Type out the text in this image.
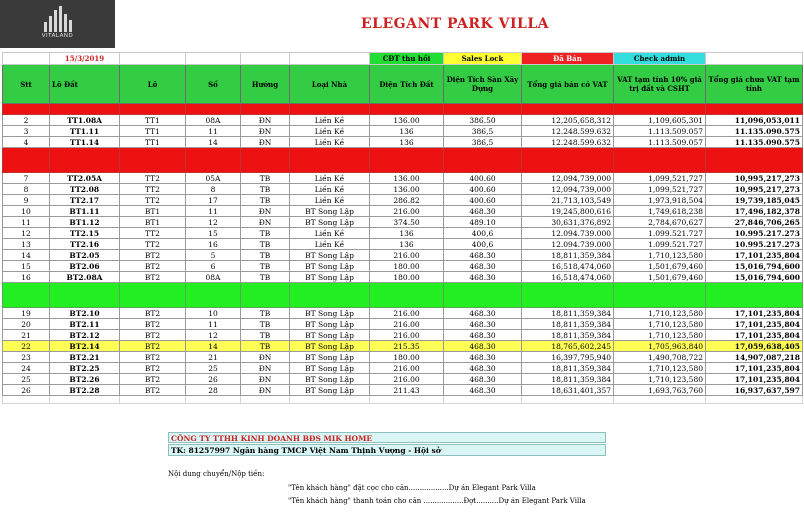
VITALAND
ELEGANT PARK VILLA
	15/3/2019					CĐT thu hồi	Sales Lock	Đã Bán	Check admin	
Stt	Lô Đất	Lô	Số	Hướng	Loại Nhà	Diện Tích Đất	Diện Tích Sàn Xây Dựng	Tổng giá bán có VAT	VAT tạm tính 10% giá trị đất và CSHT	Tổng giá chưa VAT tạm tính

2	TT1.08A	TT1	08A	ĐN	Liền Kề	136.00	386.50	12,205,658,312	1,109,605,301	11,096,053,011
3	TT1.11	TT1	11	ĐN	Liền Kề	136	386,5	12.248.599.632	1.113.509.057	11.135.090.575
4	TT1.14	TT1	14	ĐN	Liền Kề	136	386,5	12.248.599.632	1.113.509.057	11.135.090.575

7	TT2.05A	TT2	05A	TB	Liền Kề	136.00	400.60	12,094,739,000	1,099,521,727	10,995,217,273
8	TT2.08	TT2	8	TB	Liền Kề	136.00	400.60	12,094,739,000	1,099,521,727	10,995,217,273
9	TT2.17	TT2	17	TB	Liền Kề	286.82	400.60	21,713,103,549	1,973,918,504	19,739,185,045
10	BT1.11	BT1	11	ĐN	BT Song Lập	216.00	468.30	19,245,800,616	1,749,618,238	17,496,182,378
11	BT1.12	BT1	12	ĐN	BT Song Lập	374.50	489.10	30,631,376,892	2,784,670,627	27,846,706,265
12	TT2.15	TT2	15	TB	Liền Kề	136	400,6	12.094.739.000	1.099.521.727	10.995.217.273
13	TT2.16	TT2	16	TB	Liền Kề	136	400,6	12.094.739.000	1.099.521.727	10.995.217.273
14	BT2.05	BT2	5	TB	BT Song Lập	216.00	468.30	18,811,359,384	1,710,123,580	17,101,235,804
15	BT2.06	BT2	6	TB	BT Song Lập	180.00	468.30	16,518,474,060	1,501,679,460	15,016,794,600
16	BT2.08A	BT2	08A	TB	BT Song Lập	180.00	468.30	16,518,474,060	1,501,679,460	15,016,794,600

19	BT2.10	BT2	10	TB	BT Song Lập	216.00	468.30	18,811,359,384	1,710,123,580	17,101,235,804
20	BT2.11	BT2	11	TB	BT Song Lập	216.00	468.30	18,811,359,384	1,710,123,580	17,101,235,804
21	BT2.12	BT2	12	TB	BT Song Lập	216.00	468.30	18,811,359,384	1,710,123,580	17,101,235,804
22	BT2.14	BT2	14	TB	BT Song Lập	215.35	468.30	18,765,602,245	1,705,963,840	17,059,638,405
23	BT2.21	BT2	21	ĐN	BT Song Lập	180.00	468.30	16,397,795,940	1,490,708,722	14,907,087,218
24	BT2.25	BT2	25	ĐN	BT Song Lập	216.00	468.30	18,811,359,384	1,710,123,580	17,101,235,804
25	BT2.26	BT2	26	ĐN	BT Song Lập	216.00	468.30	18,811,359,384	1,710,123,580	17,101,235,804
26	BT2.28	BT2	28	ĐN	BT Song Lập	211.43	468.30	18,631,401,357	1,693,763,760	16,937,637,597

CÔNG TY TTHH KINH DOANH BĐS MIK HOME
TK: 81257997 Ngân hàng TMCP Việt Nam Thịnh Vượng - Hội sở
Nội dung chuyển/Nộp tiền:
"Tên khách hàng" đặt cọc cho căn..................Dự án Elegant Park Villa
"Tên khách hàng" thanh toán cho căn ..................Đợt..........Dự án Elegant Park Villa
